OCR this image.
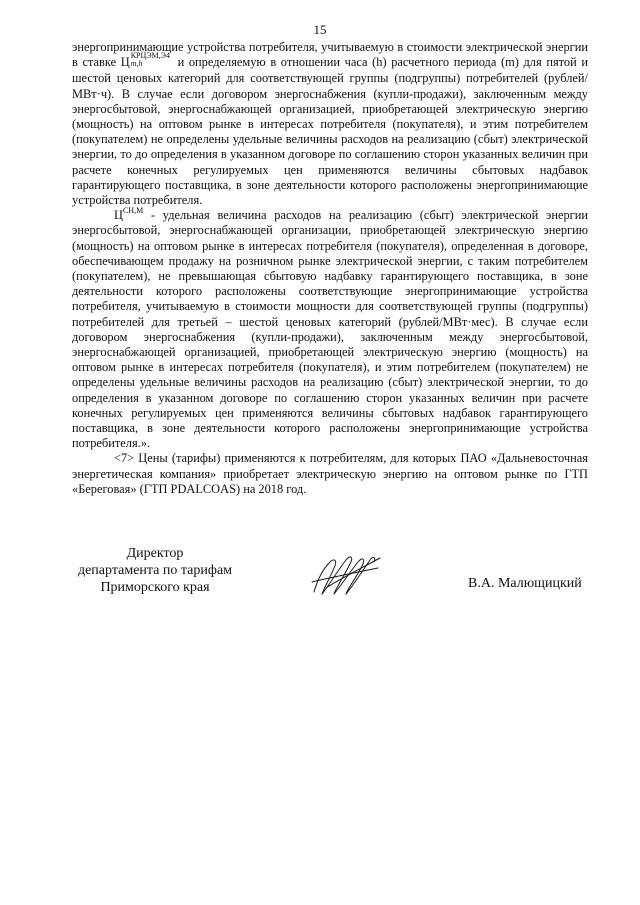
15

энергопринимающие устройства потребителя, учитываемую в стоимости электрической энергии в ставке Ц КРЦЭМ,Э4
m,h	и определяемую в отношении часа (h) расчетного периода (m) для пятой и шестой ценовых категорий для соответствующей группы (подгруппы) потребителей (рублей/МВт·ч). В случае если договором энергоснабжения (купли-продажи), заключенным между энергосбытовой, энергоснабжающей организацией, приобретающей электрическую энергию (мощность) на оптовом рынке в интересах потребителя (покупателя), и этим потребителем (покупателем) не определены удельные величины расходов на реализацию (сбыт) электрической энергии, то до определения в указанном договоре по соглашению сторон указанных величин при расчете конечных регулируемых цен применяются величины сбытовых надбавок гарантирующего поставщика, в зоне деятельности которого расположены энергопринимающие устройства потребителя.

$Ц^{СН,М}$ - удельная величина расходов на реализацию (сбыт) электрической энергии энергосбытовой, энергоснабжающей организации, приобретающей электрическую энергию (мощность) на оптовом рынке в интересах потребителя (покупателя), определенная в договоре, обеспечивающем продажу на розничном рынке электрической энергии, с таким потребителем (покупателем), не превышающая сбытовую надбавку гарантирующего поставщика, в зоне деятельности которого расположены соответствующие энергопринимающие устройства потребителя, учитываемую в стоимости мощности для соответствующей группы (подгруппы) потребителей для третьей – шестой ценовых категорий (рублей/МВт·мес). В случае если договором энергоснабжения (купли-продажи), заключенным между энергосбытовой, энергоснабжающей организацией, приобретающей электрическую энергию (мощность) на оптовом рынке в интересах потребителя (покупателя), и этим потребителем (покупателем) не определены удельные величины расходов на реализацию (сбыт) электрической энергии, то до определения в указанном договоре по соглашению сторон указанных величин при расчете конечных регулируемых цен применяются величины сбытовых надбавок гарантирующего поставщика, в зоне деятельности которого расположены энергопринимающие устройства потребителя.».

<7> Цены (тарифы) применяются к потребителям, для которых ПАО «Дальневосточная энергетическая компания» приобретает электрическую энергию на оптовом рынке по ГТП «Береговая» (ГТП PDALCOAS) на 2018 год.

Директор
департамента по тарифам
Приморского края	В.А. Малющицкий
